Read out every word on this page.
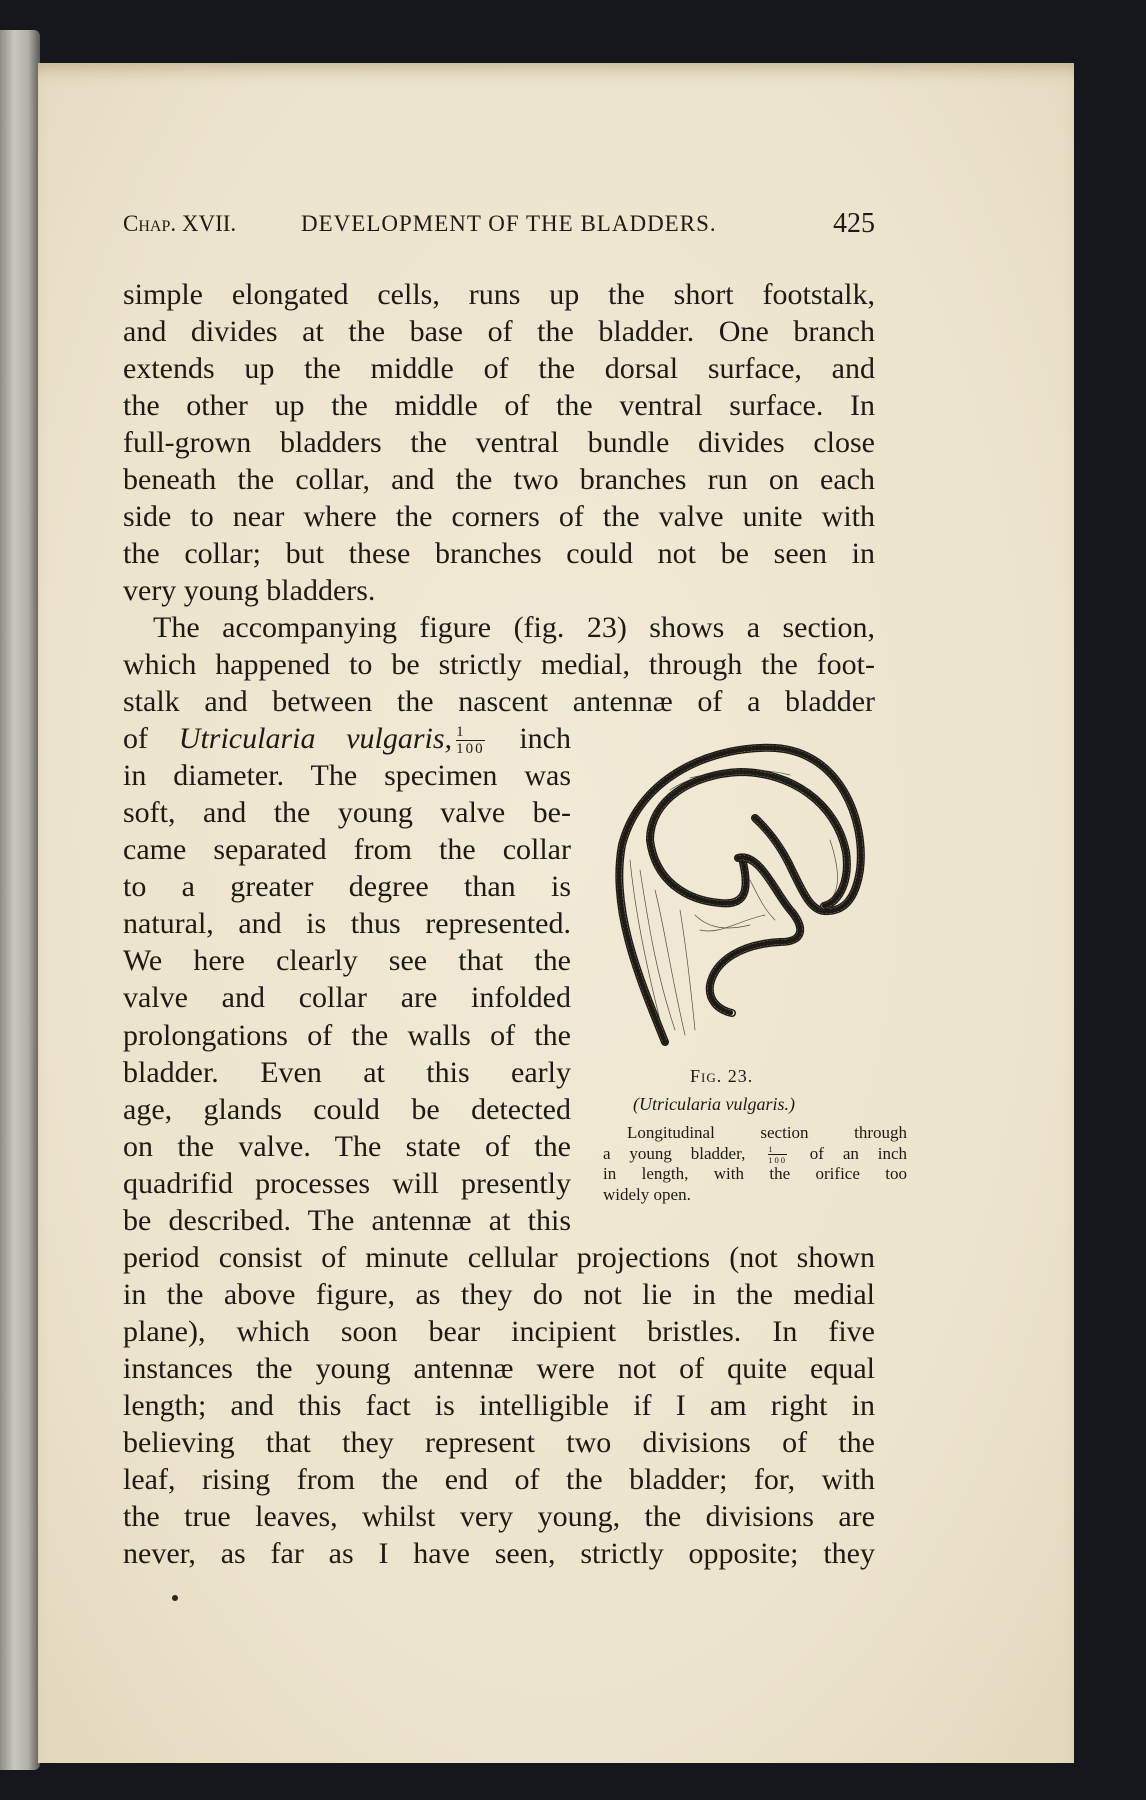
Chap. XVII.	DEVELOPMENT OF THE BLADDERS.	425
simple elongated cells, runs up the short footstalk,
and divides at the base of the bladder. One branch
extends up the middle of the dorsal surface, and
the other up the middle of the ventral surface. In
full-grown bladders the ventral bundle divides close
beneath the collar, and the two branches run on each
side to near where the corners of the valve unite with
the collar; but these branches could not be seen in
very young bladders.
The accompanying figure (fig. 23) shows a section,
which happened to be strictly medial, through the foot-
stalk and between the nascent antennæ of a bladder
of Utricularia vulgaris, $\frac{1}{100}$ inch
in diameter. The specimen was
soft, and the young valve be-
came separated from the collar
to a greater degree than is
natural, and is thus represented.
We here clearly see that the
valve and collar are infolded
prolongations of the walls of the
bladder. Even at this early
age, glands could be detected
on the valve. The state of the
quadrifid processes will presently
be described. The antennæ at this
period consist of minute cellular projections (not shown
in the above figure, as they do not lie in the medial
plane), which soon bear incipient bristles. In five
instances the young antennæ were not of quite equal
length; and this fact is intelligible if I am right in
believing that they represent two divisions of the
leaf, rising from the end of the bladder; for, with
the true leaves, whilst very young, the divisions are
never, as far as I have seen, strictly opposite; they
Fig. 23.
(Utricularia vulgaris.)
Longitudinal section through
a young bladder, $\frac{1}{100}$ of an inch
in length, with the orifice too
widely open.
